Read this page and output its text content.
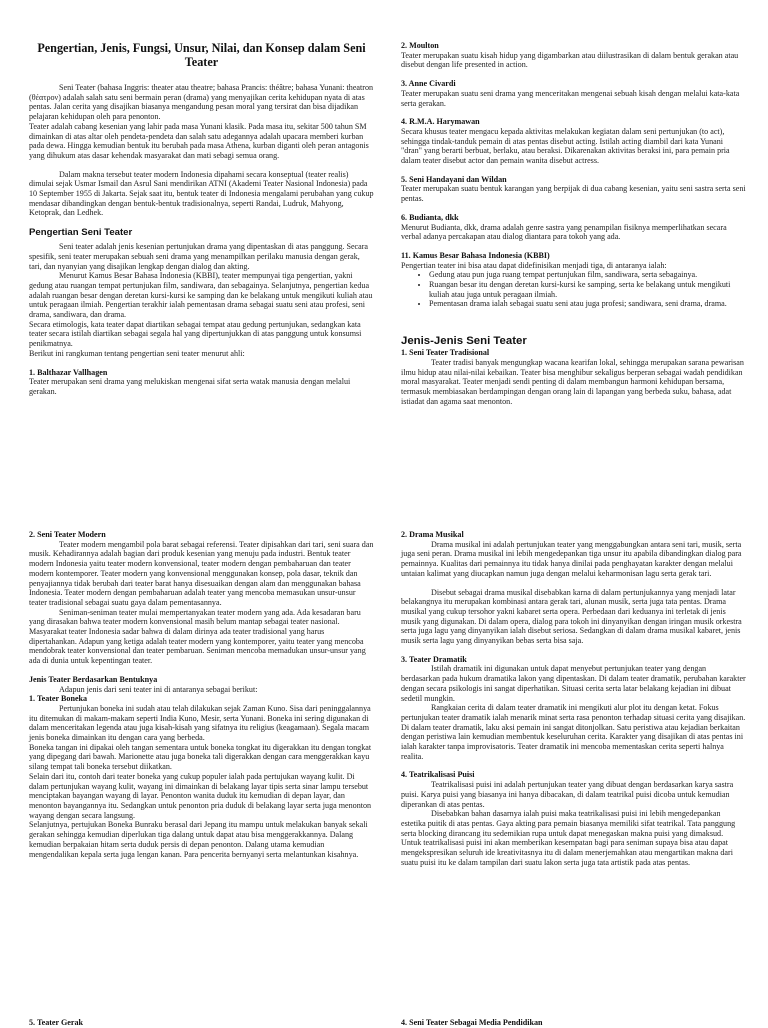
Pengertian, Jenis, Fungsi, Unsur, Nilai, dan Konsep dalam Seni Teater

Seni Teater (bahasa Inggris: theater atau theatre; bahasa Prancis: théâtre; bahasa Yunani: theatron (θέατρον) adalah salah satu seni bermain peran (drama) yang menyajikan cerita kehidupan nyata di atas pentas. Jalan cerita yang disajikan biasanya mengandung pesan moral yang tersirat dan bisa dijadikan pelajaran kehidupan oleh para penonton.

Teater adalah cabang kesenian yang lahir pada masa Yunani klasik. Pada masa itu, sekitar 500 tahun SM dimainkan di atas altar oleh pendeta-pendeta dan salah satu adegannya adalah upacara memberi kurban pada dewa. Hingga kemudian bentuk itu berubah pada masa Athena, kurban diganti oleh peran antagonis yang dihukum atas dasar kehendak masyarakat dan mati sebagi semua orang.

Dalam makna tersebut teater modern Indonesia dipahami secara konseptual (teater realis) dimulai sejak Usmar Ismail dan Asrul Sani mendirikan ATNI (Akademi Teater Nasional Indonesia) pada 10 September 1955 di Jakarta. Sejak saat itu, bentuk teater di Indonesia mengalami perubahan yang cukup mendasar dibandingkan dengan bentuk-bentuk tradisionalnya, seperti Randai, Ludruk, Mahyong, Ketoprak, dan Ledhek.

Pengertian Seni Teater

Seni teater adalah jenis kesenian pertunjukan drama yang dipentaskan di atas panggung. Secara spesifik, seni teater merupakan sebuah seni drama yang menampilkan perilaku manusia dengan gerak, tari, dan nyanyian yang disajikan lengkap dengan dialog dan akting.

Menurut Kamus Besar Bahasa Indonesia (KBBI), teater mempunyai tiga pengertian, yakni gedung atau ruangan tempat pertunjukan film, sandiwara, dan sebagainya. Selanjutnya, pengertian kedua adalah ruangan besar dengan deretan kursi-kursi ke samping dan ke belakang untuk mengikuti kuliah atau untuk peragaan ilmiah. Pengertian terakhir ialah pementasan drama sebagai suatu seni atau profesi, seni drama, sandiwara, dan drama.

Secara etimologis, kata teater dapat diartikan sebagai tempat atau gedung pertunjukan, sedangkan kata teater secara istilah diartikan sebagai segala hal yang dipertunjukkan di atas panggung untuk konsumsi penikmatnya.

Berikut ini rangkuman tentang pengertian seni teater menurut ahli:

1. Balthazar Vallhagen

Teater merupakan seni drama yang melukiskan mengenai sifat serta watak manusia dengan melalui gerakan.

2. Moulton

Teater merupakan suatu kisah hidup yang digambarkan atau diilustrasikan di dalam bentuk gerakan atau disebut dengan life presented in action.

3. Anne Civardi

Teater merupakan suatu seni drama yang menceritakan mengenai sebuah kisah dengan melalui kata-kata serta gerakan.

4. R.M.A. Harymawan

Secara khusus teater mengacu kepada aktivitas melakukan kegiatan dalam seni pertunjukan (to act), sehingga tindak-tanduk pemain di atas pentas disebut acting. Istilah acting diambil dari kata Yunani "dran" yang berarti berbuat, berlaku, atau beraksi. Dikarenakan aktivitas beraksi ini, para pemain pria dalam teater disebut actor dan pemain wanita disebut actress.

5. Seni Handayani dan Wildan

Teater merupakan suatu bentuk karangan yang berpijak di dua cabang kesenian, yaitu seni sastra serta seni pentas.

6. Budianta, dkk

Menurut Budianta, dkk, drama adalah genre sastra yang penampilan fisiknya memperlihatkan secara verbal adanya percakapan atau dialog diantara para tokoh yang ada.

11. Kamus Besar Bahasa Indonesia (KBBI)

Pengertian teater ini bisa atau dapat didefinisikan menjadi tiga, di antaranya ialah:

• Gedung atau pun juga ruang tempat pertunjukan film, sandiwara, serta sebagainya.
• Ruangan besar itu dengan deretan kursi-kursi ke samping, serta ke belakang untuk mengikuti kuliah atau juga untuk peragaan ilmiah.
• Pementasan drama ialah sebagai suatu seni atau juga profesi; sandiwara, seni drama, drama.

Jenis-Jenis Seni Teater

1. Seni Teater Tradisional

Teater tradisi banyak mengungkap wacana kearifan lokal, sehingga merupakan sarana pewarisan ilmu hidup atau nilai-nilai kebaikan. Teater bisa menghibur sekaligus berperan sebagai wadah pendidikan moral masyarakat. Teater menjadi sendi penting di dalam membangun harmoni kehidupan bersama, termasuk membiasakan berdampingan dengan orang lain di lapangan yang berbeda suku, bahasa, adat istiadat dan agama saat menonton.

2. Seni Teater Modern

Teater modern mengambil pola barat sebagai referensi. Teater dipisahkan dari tari, seni suara dan musik. Kehadirannya adalah bagian dari produk kesenian yang menuju pada industri. Bentuk teater modern Indonesia yaitu teater modern konvensional, teater modern dengan pembaharuan dan teater modern kontemporer. Teater modern yang konvensional menggunakan konsep, pola dasar, teknik dan penyajiannya tidak berubah dari teater barat hanya disesuaikan dengan alam dan menggunakan bahasa Indonesia. Teater modern dengan pembaharuan adalah teater yang mencoba memasukan unsur-unsur teater tradisional sebagai suatu gaya dalam pementasannya.

Seniman-seniman teater mulai mempertanyakan teater modern yang ada. Ada kesadaran baru yang dirasakan bahwa teater modern konvensional masih belum mantap sebagai teater nasional. Masyarakat teater Indonesia sadar bahwa di dalam dirinya ada teater tradisional yang harus dipertahankan. Adapun yang ketiga adalah teater modern yang kontemporer, yaitu teater yang mencoba mendobrak teater konvensional dan teater pembaruan. Seniman mencoba memadukan unsur-unsur yang ada di dunia untuk kepentingan teater.

Jenis Teater Berdasarkan Bentuknya

Adapun jenis dari seni teater ini di antaranya sebagai berikut:

1. Teater Boneka

Pertunjukan boneka ini sudah atau telah dilakukan sejak Zaman Kuno. Sisa dari peninggalannya itu ditemukan di makam-makam seperti India Kuno, Mesir, serta Yunani. Boneka ini sering digunakan di dalam menceritakan legenda atau juga kisah-kisah yang sifatnya itu religius (keagamaan). Segala macam jenis boneka dimainkan itu dengan cara yang berbeda.

Boneka tangan ini dipakai oleh tangan sementara untuk boneka tongkat itu digerakkan itu dengan tongkat yang dipegang dari bawah. Marionette atau juga boneka tali digerakkan dengan cara menggerakkan kayu silang tempat tali boneka tersebut diikatkan.

Selain dari itu, contoh dari teater boneka yang cukup populer ialah pada pertujukan wayang kulit. Di dalam pertunjukan wayang kulit, wayang ini dimainkan di belakang layar tipis serta sinar lampu tersebut menciptakan bayangan wayang di layar. Penonton wanita duduk itu kemudian di depan layar, dan menonton bayangannya itu. Sedangkan untuk penonton pria duduk di belakang layar serta juga menonton wayang dengan secara langsung.

Selanjutnya, pertujukan Boneka Bunraku berasal dari Jepang itu mampu untuk melakukan banyak sekali gerakan sehingga kemudian diperlukan tiga dalang untuk dapat atau bisa menggerakkannya. Dalang kemudian berpakaian hitam serta duduk persis di depan penonton. Dalang utama kemudian mengendalikan kepala serta juga lengan kanan. Para pencerita bernyanyi serta melantunkan kisahnya.

2. Drama Musikal

Drama musikal ini adalah pertunjukan teater yang menggabungkan antara seni tari, musik, serta juga seni peran. Drama musikal ini lebih mengedepankan tiga unsur itu apabila dibandingkan dialog para pemainnya. Kualitas dari pemainnya itu tidak hanya dinilai pada penghayatan karakter dengan melalui untaian kalimat yang diucapkan namun juga dengan melalui keharmonisan lagu serta gerak tari.

Disebut sebagai drama musikal disebabkan karna di dalam pertunjukannya yang menjadi latar belakangnya itu merupakan kombinasi antara gerak tari, alunan musik, serta juga tata pentas. Drama musikal yang cukup tersohor yakni kabaret serta opera. Perbedaan dari keduanya ini terletak di jenis musik yang digunakan. Di dalam opera, dialog para tokoh ini dinyanyikan dengan iringan musik orkestra serta juga lagu yang dinyanyikan ialah disebut seriosa. Sedangkan di dalam drama musikal kabaret, jenis musik serta lagu yang dinyanyikan bebas serta bisa saja.

3. Teater Dramatik

Istilah dramatik ini digunakan untuk dapat menyebut pertunjukan teater yang dengan berdasarkan pada hukum dramatika lakon yang dipentaskan. Di dalam teater dramatik, perubahan karakter dengan secara psikologis ini sangat diperhatikan. Situasi cerita serta latar belakang kejadian ini dibuat sedetil mungkin.

Rangkaian cerita di dalam teater dramatik ini mengikuti alur plot itu dengan ketat. Fokus pertunjukan teater dramatik ialah menarik minat serta rasa penonton terhadap situasi cerita yang disajikan. Di dalam teater dramatik, laku aksi pemain ini sangat ditonjolkan. Satu peristiwa atau kejadian berkaitan dengan peristiwa lain kemudian membentuk keseluruhan cerita. Karakter yang disajikan di atas pentas ini ialah karakter tanpa improvisatoris. Teater dramatik ini mencoba mementaskan cerita seperti halnya realita.

4. Teatrikalisasi Puisi

Teatrikalisasi puisi ini adalah pertunjukan teater yang dibuat dengan berdasarkan karya sastra puisi. Karya puisi yang biasanya ini hanya dibacakan, di dalam teatrikal puisi dicoba untuk kemudian diperankan di atas pentas.

Disebabkan bahan dasarnya ialah puisi maka teatrikalisasi puisi ini lebih mengedepankan estetika puitik di atas pentas. Gaya akting para pemain biasanya memiliki sifat teatrikal. Tata panggung serta blocking dirancang itu sedemikian rupa untuk dapat menegaskan makna puisi yang dimaksud.

Untuk teatrikalisasi puisi ini akan memberikan kesempatan bagi para seniman supaya bisa atau dapat mengekspresikan seluruh ide kreativitasnya itu di dalam menerjemahkan atau mengartikan makna dari suatu puisi itu ke dalam tampilan dari suatu lakon serta juga tata artistik pada atas pentas.

5. Teater Gerak	4. Seni Teater Sebagai Media Pendidikan
